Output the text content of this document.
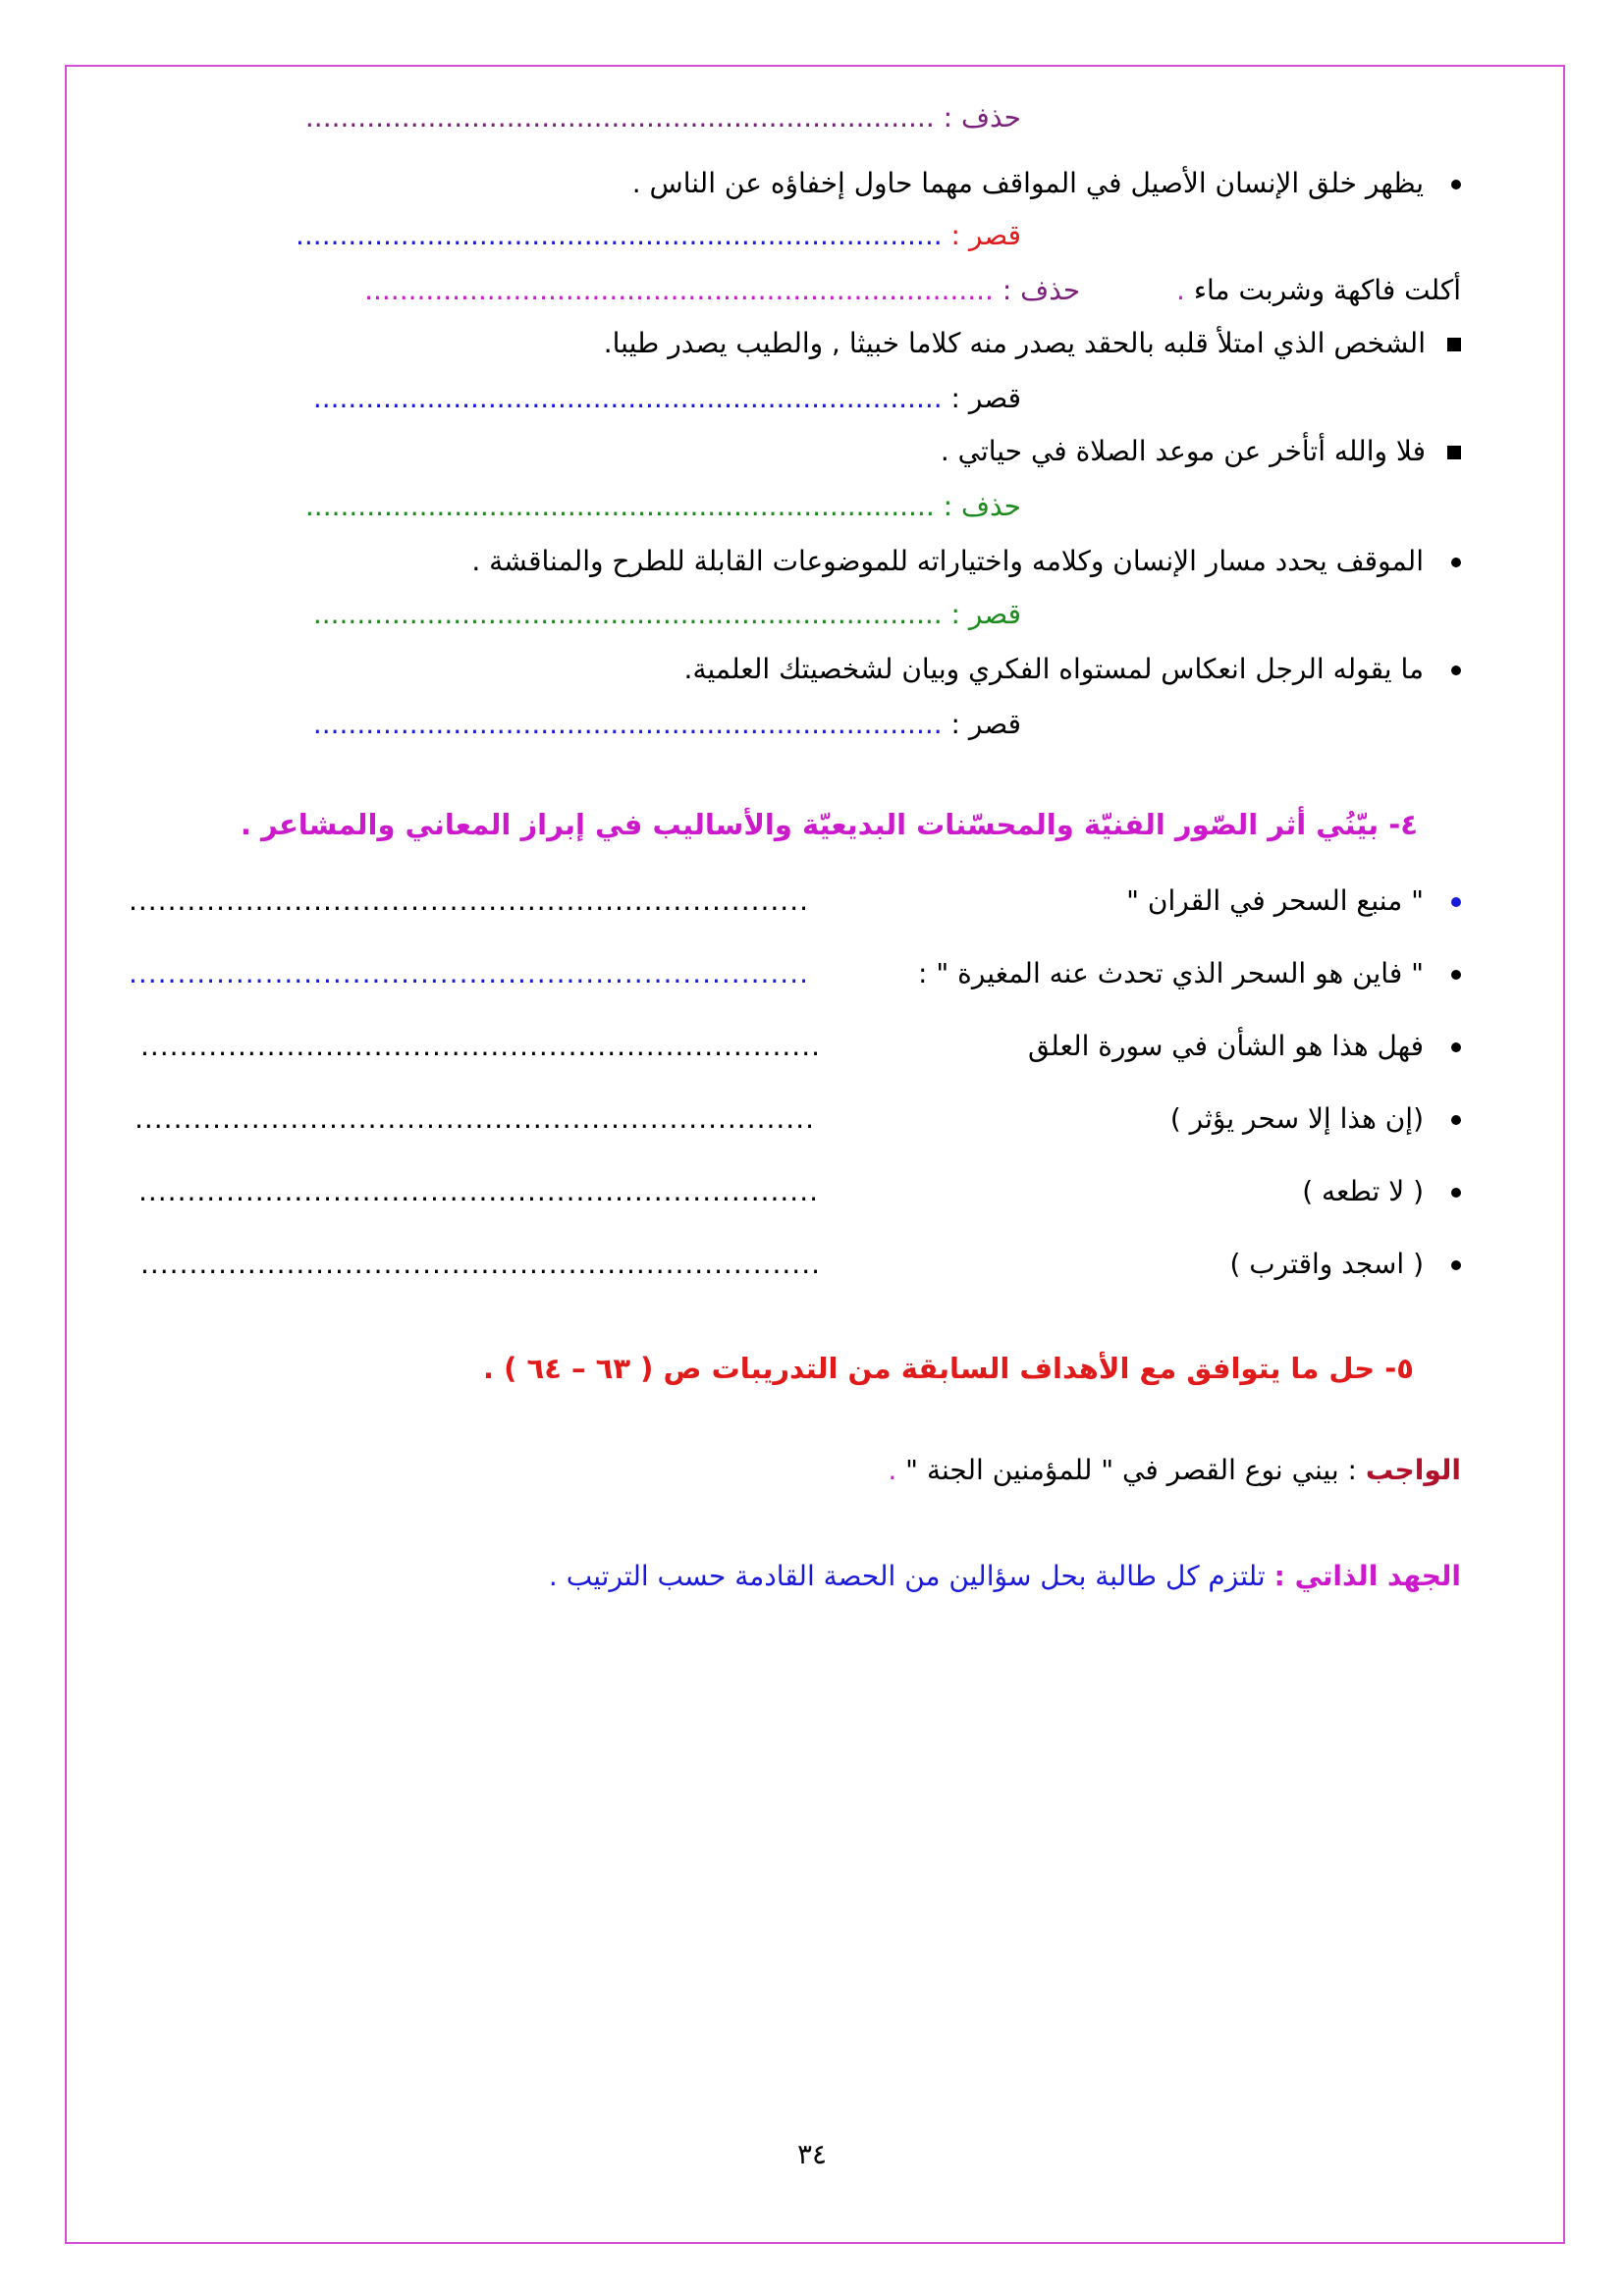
حذف : ........................................................................
يظهر خلق الإنسان الأصيل في المواقف مهما حاول إخفاؤه عن الناس .
قصر : ..........................................................................
أكلت فاكهة وشربت ماء .  حذف : ........................................................................
الشخص الذي امتلأ قلبه بالحقد يصدر منه كلاما خبيثا , والطيب يصدر طيبا.
قصر : ........................................................................
فلا والله أتأخر عن موعد الصلاة في حياتي .
حذف : ........................................................................
الموقف يحدد مسار الإنسان وكلامه واختياراته للموضوعات القابلة للطرح والمناقشة .
قصر : ........................................................................
ما يقوله الرجل انعكاس لمستواه الفكري وبيان لشخصيتك العلمية.
قصر : ........................................................................
٤- بيّنُي أثر الصّور الفنيّة والمحسّنات البديعيّة والأساليب في إبراز المعاني والمشاعر .
" منبع السحر في القران "
......................................................................
" فاين هو السحر الذي تحدث عنه المغيرة " :
......................................................................
فهل هذا هو الشأن في سورة العلق
......................................................................
(إن هذا إلا سحر يؤثر )
......................................................................
( لا تطعه )
......................................................................
( اسجد واقترب )
......................................................................
٥- حل ما يتوافق مع الأهداف السابقة من التدريبات ص ( ٦٣ – ٦٤ ) .
الواجب : بيني نوع القصر في " للمؤمنين الجنة " .
الجهد الذاتي : تلتزم كل طالبة بحل سؤالين من الحصة القادمة حسب الترتيب .
٣٤
